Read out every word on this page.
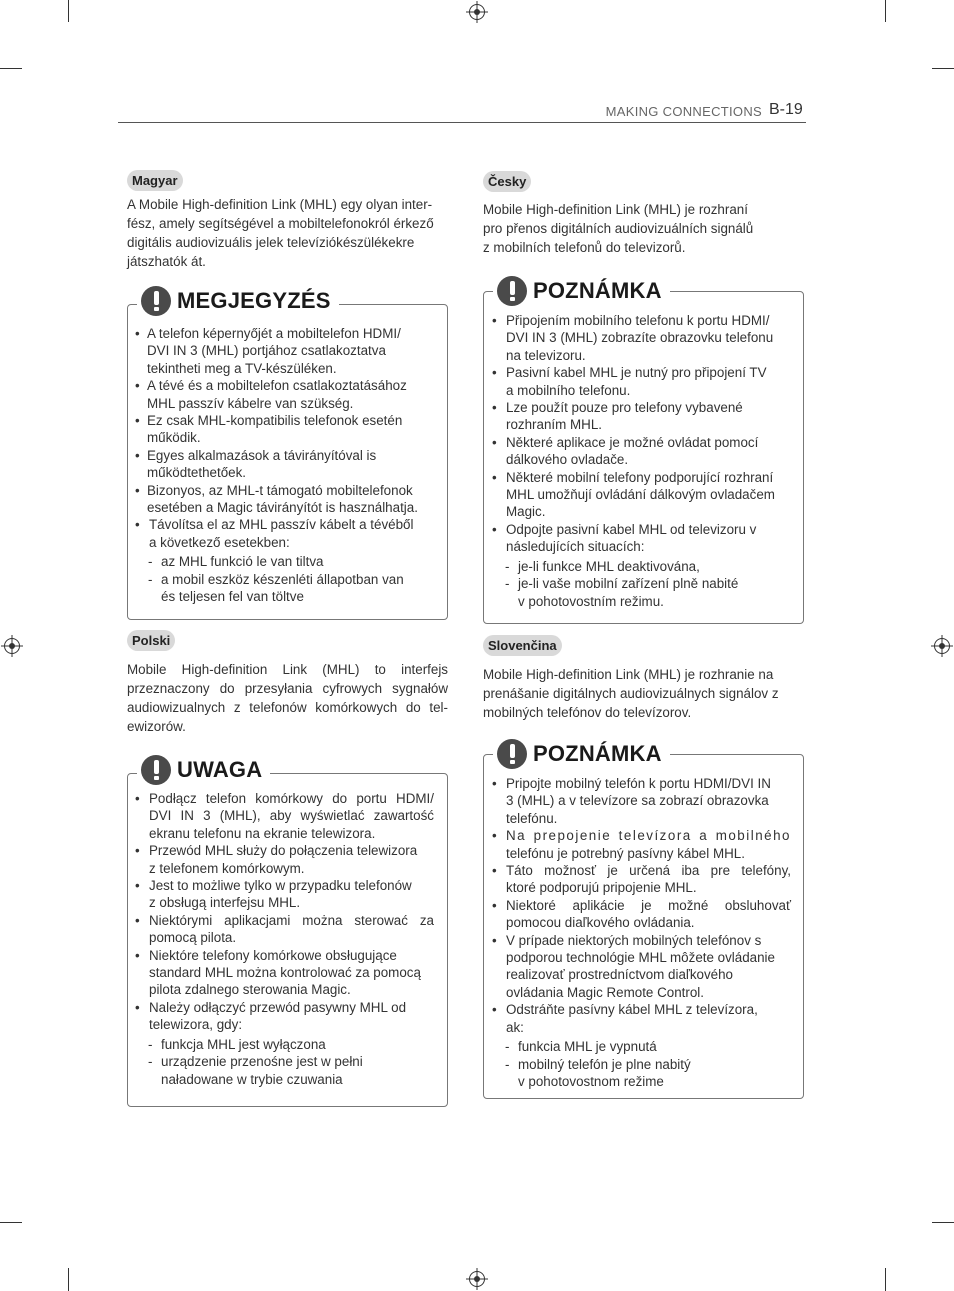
MAKING CONNECTIONS B-19
Magyar
A Mobile High-definition Link (MHL) egy olyan inter-
fész, amely segítségével a mobiltelefonokról érkező
digitális audiovizuális jelek televíziókészülékekre
játszhatók át.
MEGJEGYZÉS
• A telefon képernyőjét a mobiltelefon HDMI/
DVI IN 3 (MHL) portjához csatlakoztatva
tekintheti meg a TV-készüléken.
• A tévé és a mobiltelefon csatlakoztatásához
MHL passzív kábelre van szükség.
• Ez csak MHL-kompatibilis telefonok esetén
működik.
• Egyes alkalmazások a távirányítóval is
működtethetőek.
• Bizonyos, az MHL-t támogató mobiltelefonok
esetében a Magic távirányítót is használhatja.
• Távolítsa el az MHL passzív kábelt a tévéből
a következő esetekben:
- az MHL funkció le van tiltva
- a mobil eszköz készenléti állapotban van
és teljesen fel van töltve
Polski
Mobile High-definition Link (MHL) to interfejs
przeznaczony do przesyłania cyfrowych sygnałów
audiowizualnych z telefonów komórkowych do tel-
ewizorów.
UWAGA
• Podłącz telefon komórkowy do portu HDMI/
DVI IN 3 (MHL), aby wyświetlać zawartość
ekranu telefonu na ekranie telewizora.
• Przewód MHL służy do połączenia telewizora
z telefonem komórkowym.
• Jest to możliwe tylko w przypadku telefonów
z obsługą interfejsu MHL.
• Niektórymi aplikacjami można sterować za
pomocą pilota.
• Niektóre telefony komórkowe obsługujące
standard MHL można kontrolować za pomocą
pilota zdalnego sterowania Magic.
• Należy odłączyć przewód pasywny MHL od
telewizora, gdy:
- funkcja MHL jest wyłączona
- urządzenie przenośne jest w pełni
naładowane w trybie czuwania
Česky
Mobile High-definition Link (MHL) je rozhraní
pro přenos digitálních audiovizuálních signálů
z mobilních telefonů do televizorů.
POZNÁMKA
• Připojením mobilního telefonu k portu HDMI/
DVI IN 3 (MHL) zobrazíte obrazovku telefonu
na televizoru.
• Pasivní kabel MHL je nutný pro připojení TV
a mobilního telefonu.
• Lze použít pouze pro telefony vybavené
rozhraním MHL.
• Některé aplikace je možné ovládat pomocí
dálkového ovladače.
• Některé mobilní telefony podporující rozhraní
MHL umožňují ovládání dálkovým ovladačem
Magic.
• Odpojte pasivní kabel MHL od televizoru v
následujících situacích:
- je-li funkce MHL deaktivována,
- je-li vaše mobilní zařízení plně nabité
v pohotovostním režimu.
Slovenčina
Mobile High-definition Link (MHL) je rozhranie na
prenášanie digitálnych audiovizuálnych signálov z
mobilných telefónov do televízorov.
POZNÁMKA
• Pripojte mobilný telefón k portu HDMI/DVI IN
3 (MHL) a v televízore sa zobrazí obrazovka
telefónu.
• Na prepojenie televízora a mobilného
telefónu je potrebný pasívny kábel MHL.
• Táto možnosť je určená iba pre telefóny,
ktoré podporujú pripojenie MHL.
• Niektoré aplikácie je možné obsluhovať
pomocou diaľkového ovládania.
• V prípade niektorých mobilných telefónov s
podporou technológie MHL môžete ovládanie
realizovať prostredníctvom diaľkového
ovládania Magic Remote Control.
• Odstráňte pasívny kábel MHL z televízora,
ak:
- funkcia MHL je vypnutá
- mobilný telefón je plne nabitý
v pohotovostnom režime
